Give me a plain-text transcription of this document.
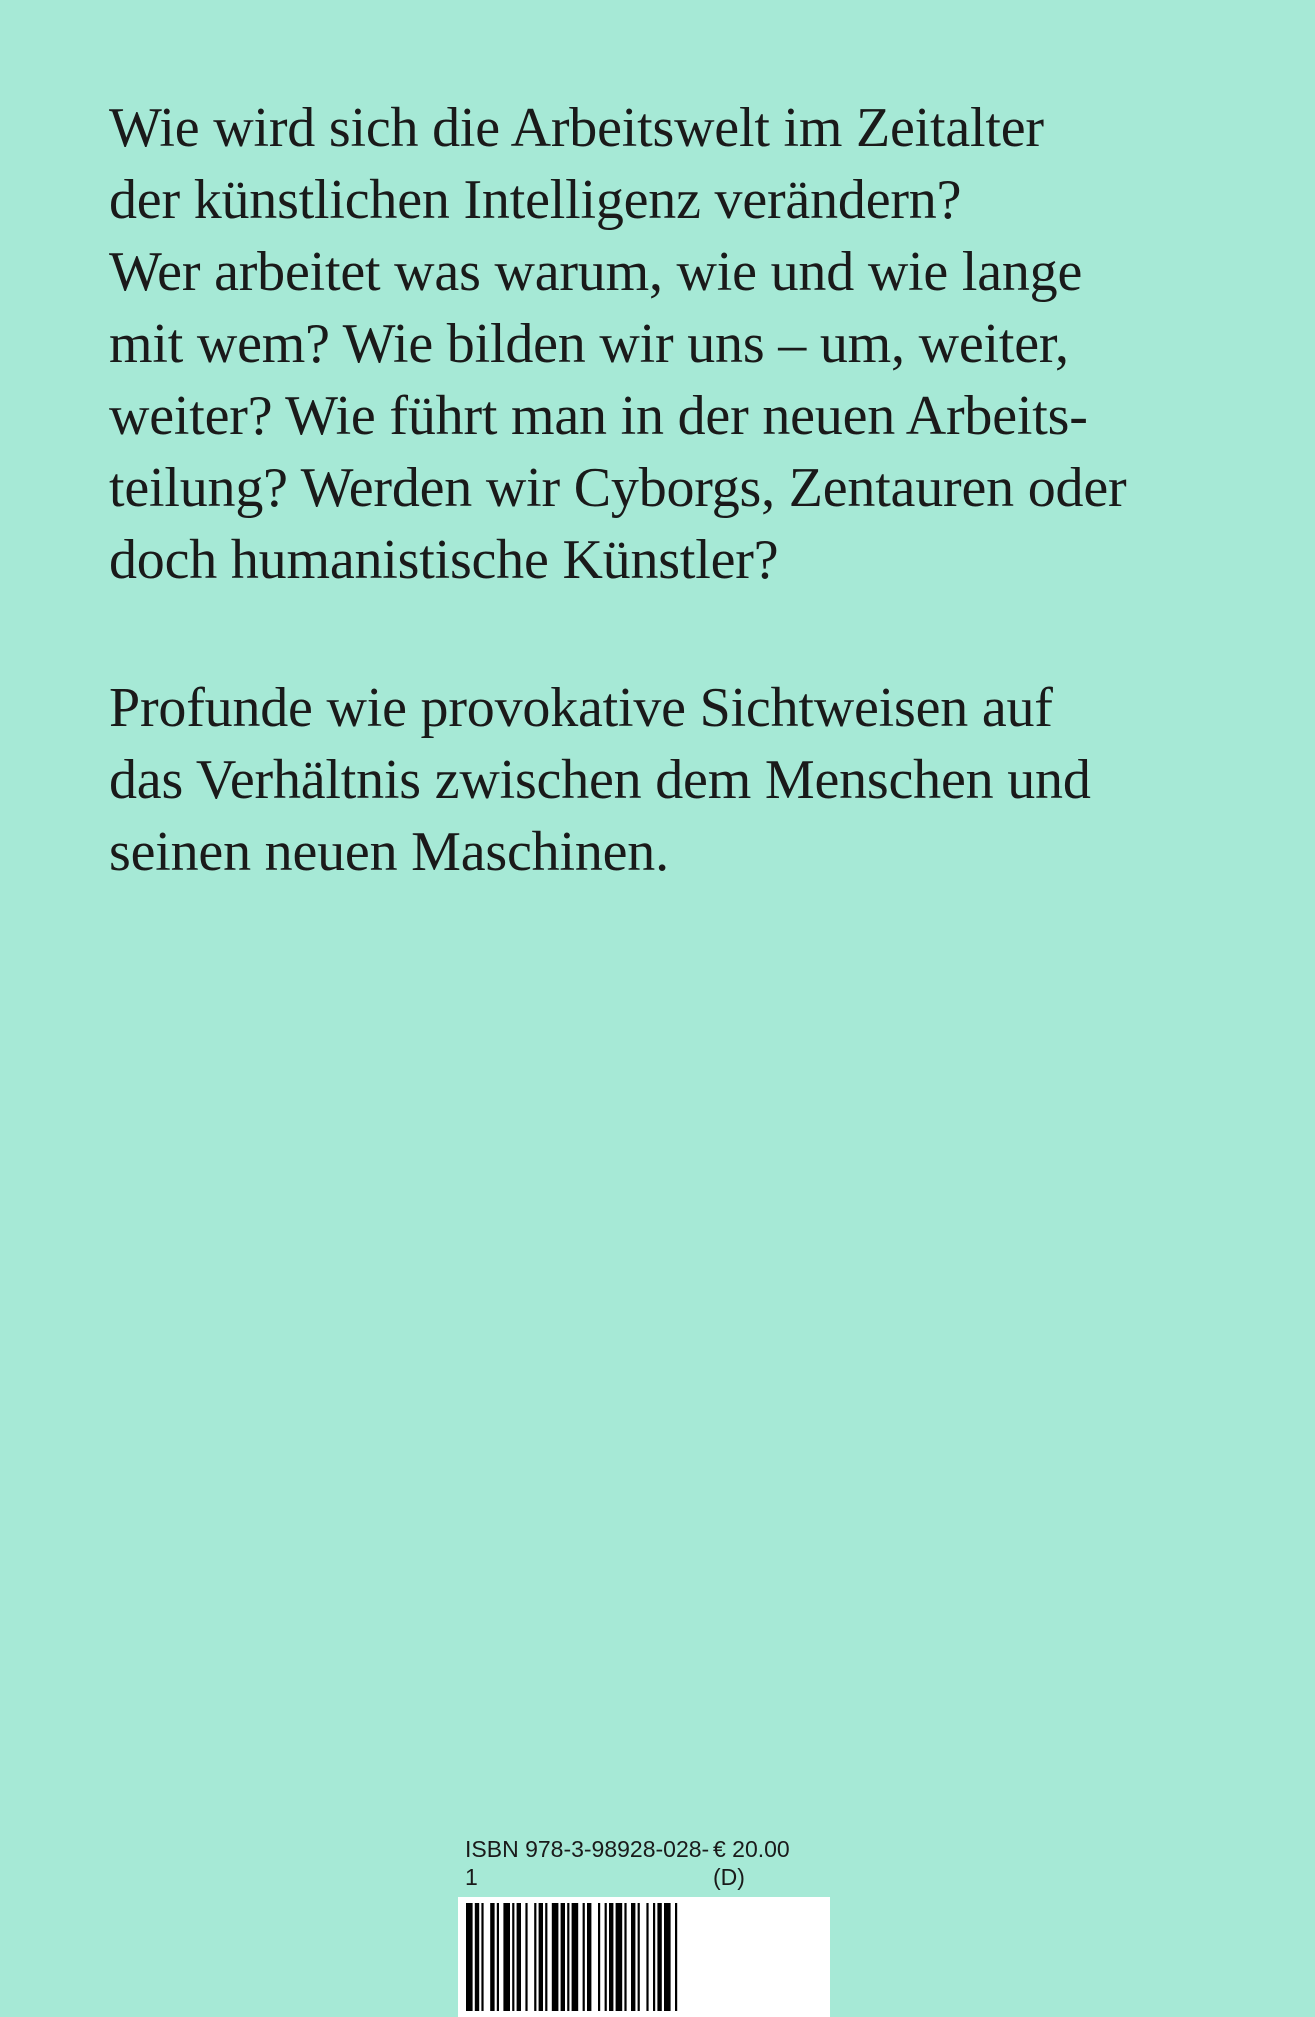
Wie wird sich die Arbeitswelt im Zeitalter
der künstlichen Intelligenz verändern?
Wer arbeitet was warum, wie und wie lange
mit wem? Wie bilden wir uns – um, weiter,
weiter? Wie führt man in der neuen Arbeits-
teilung? Werden wir Cyborgs, Zentauren oder
doch humanistische Künstler?
Profunde wie provokative Sichtweisen auf
das Verhältnis zwischen dem Menschen und
seinen neuen Maschinen.
ISBN 978-3-98928-028-1
€ 20.00 (D)
